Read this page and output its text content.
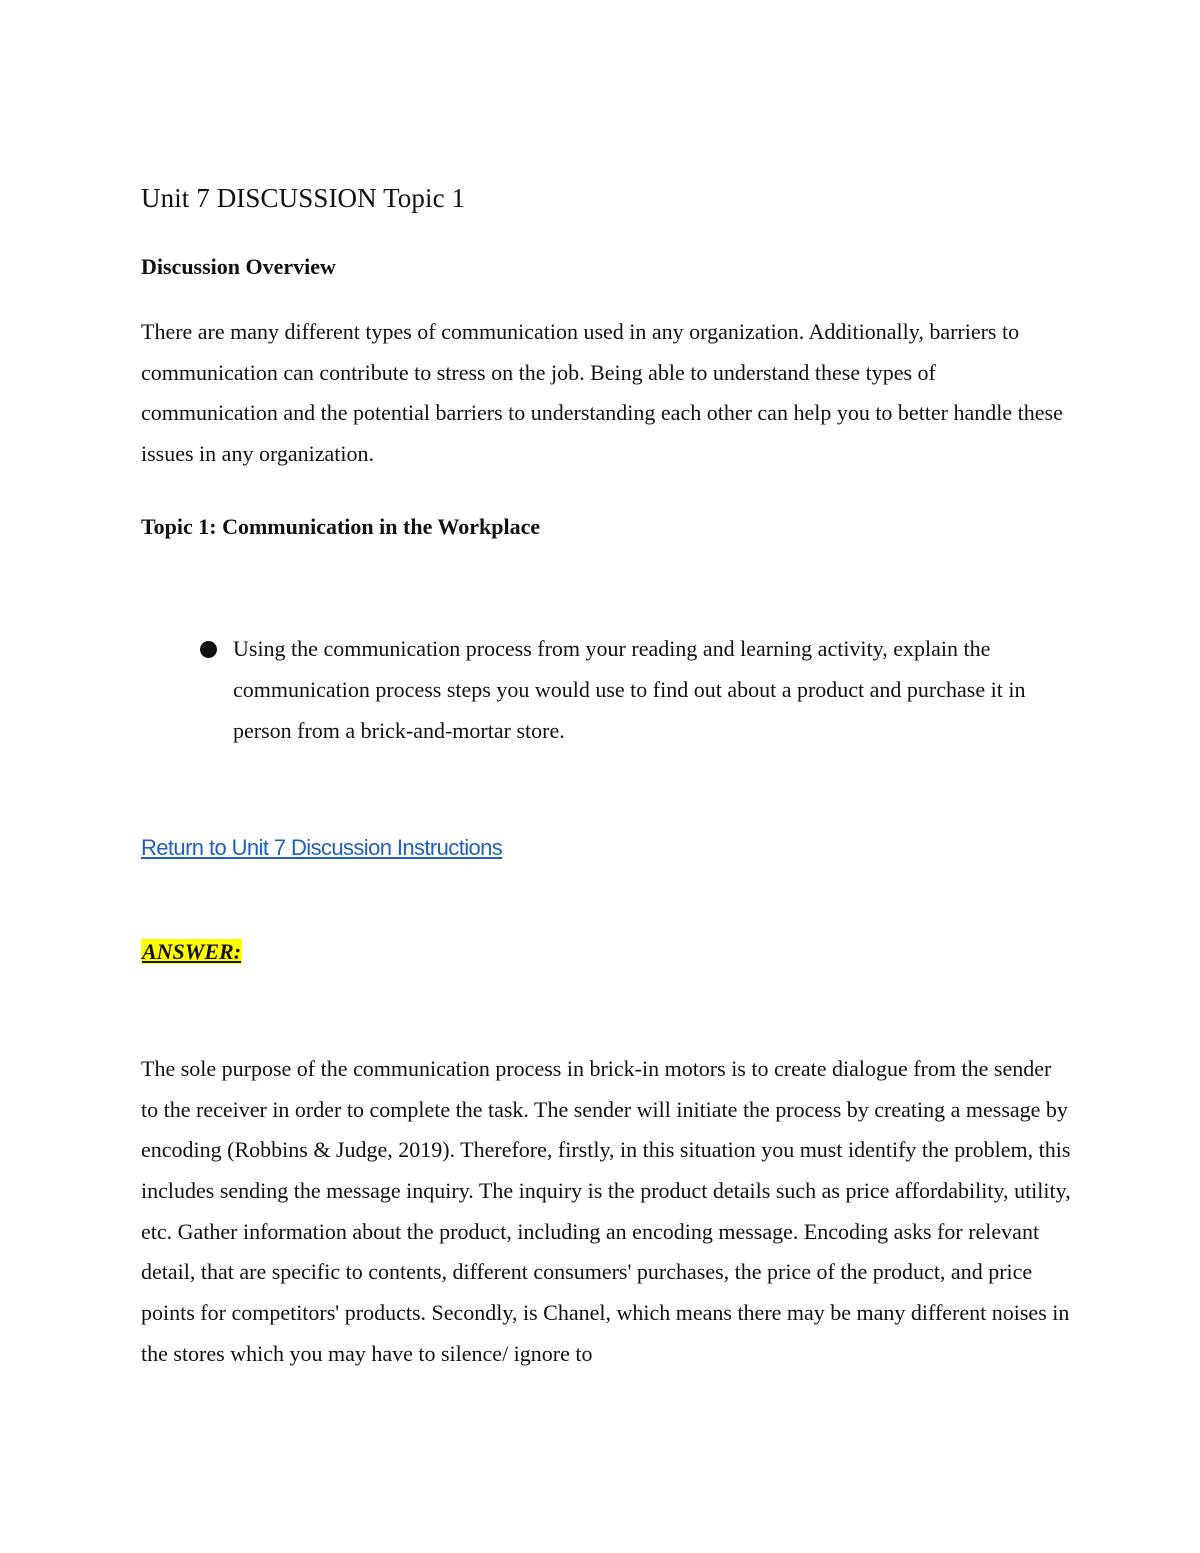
Unit 7 DISCUSSION Topic 1
Discussion Overview

There are many different types of communication used in any organization. Additionally, barriers to communication can contribute to stress on the job. Being able to understand these types of communication and the potential barriers to understanding each other can help you to better handle these issues in any organization.

Topic 1: Communication in the Workplace
Using the communication process from your reading and learning activity, explain the communication process steps you would use to find out about a product and purchase it in person from a brick-and-mortar store.
Return to Unit 7 Discussion Instructions
ANSWER:

The sole purpose of the communication process in brick-in motors is to create dialogue from the sender to the receiver in order to complete the task. The sender will initiate the process by creating a message by encoding (Robbins & Judge, 2019). Therefore, firstly, in this situation you must identify the problem, this includes sending the message inquiry. The inquiry is the product details such as price affordability, utility, etc. Gather information about the product, including an encoding message. Encoding asks for relevant detail, that are specific to contents, different consumers' purchases, the price of the product, and price points for competitors' products. Secondly, is Chanel, which means there may be many different noises in the stores which you may have to silence/ ignore to
